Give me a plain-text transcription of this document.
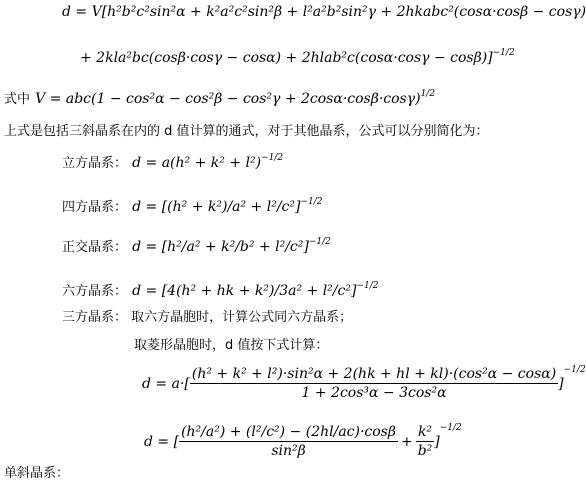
d = V[h²b²c²sin²α + k²a²c²sin²β + l²a²b²sin²γ + 2hkabc²(cosα·cosβ − cosγ)
+ 2kla²bc(cosβ·cosγ − cosα) + 2hlab²c(cosα·cosγ − cosβ)]$^{-1/2}$
式中 $V = abc(1 - \cos^2\alpha - \cos^2\beta - \cos^2\gamma + 2\cos\alpha\cdot\cos\beta\cdot\cos\gamma)^{1/2}$
上式是包括三斜晶系在内的 d 值计算的通式，对于其他晶系，公式可以分别简化为：
立方晶系： $d = a(h^2 + k^2 + l^2)^{-1/2}$
四方晶系： $d = [(h^2 + k^2)/a^2 + l^2/c^2]^{-1/2}$
正交晶系： $d = [h^2/a^2 + k^2/b^2 + l^2/c^2]^{-1/2}$
六方晶系： d = [4(h² + hk + k²)/3a² + l²/c²]$^{-1/2}$
三方晶系： 取六方晶胞时，计算公式同六方晶系；
取菱形晶胞时，d 值按下式计算：
$d = a\cdot[ \frac{\text{(h² + k² + l²)·sin²α + 2(hk + hl + kl)·(cos²α − cosα)}}{\text{1 + 2cos³α − 3cos²α}}$ ]
−1/2
d = [ $\frac{\text{(h²/a²) + (l²/c²) − (2hl/ac)·cosβ}}{\text{sin²β}} + \frac{\text{k²}}{\text{b²}}$ ]
−1/2
单斜晶系：
